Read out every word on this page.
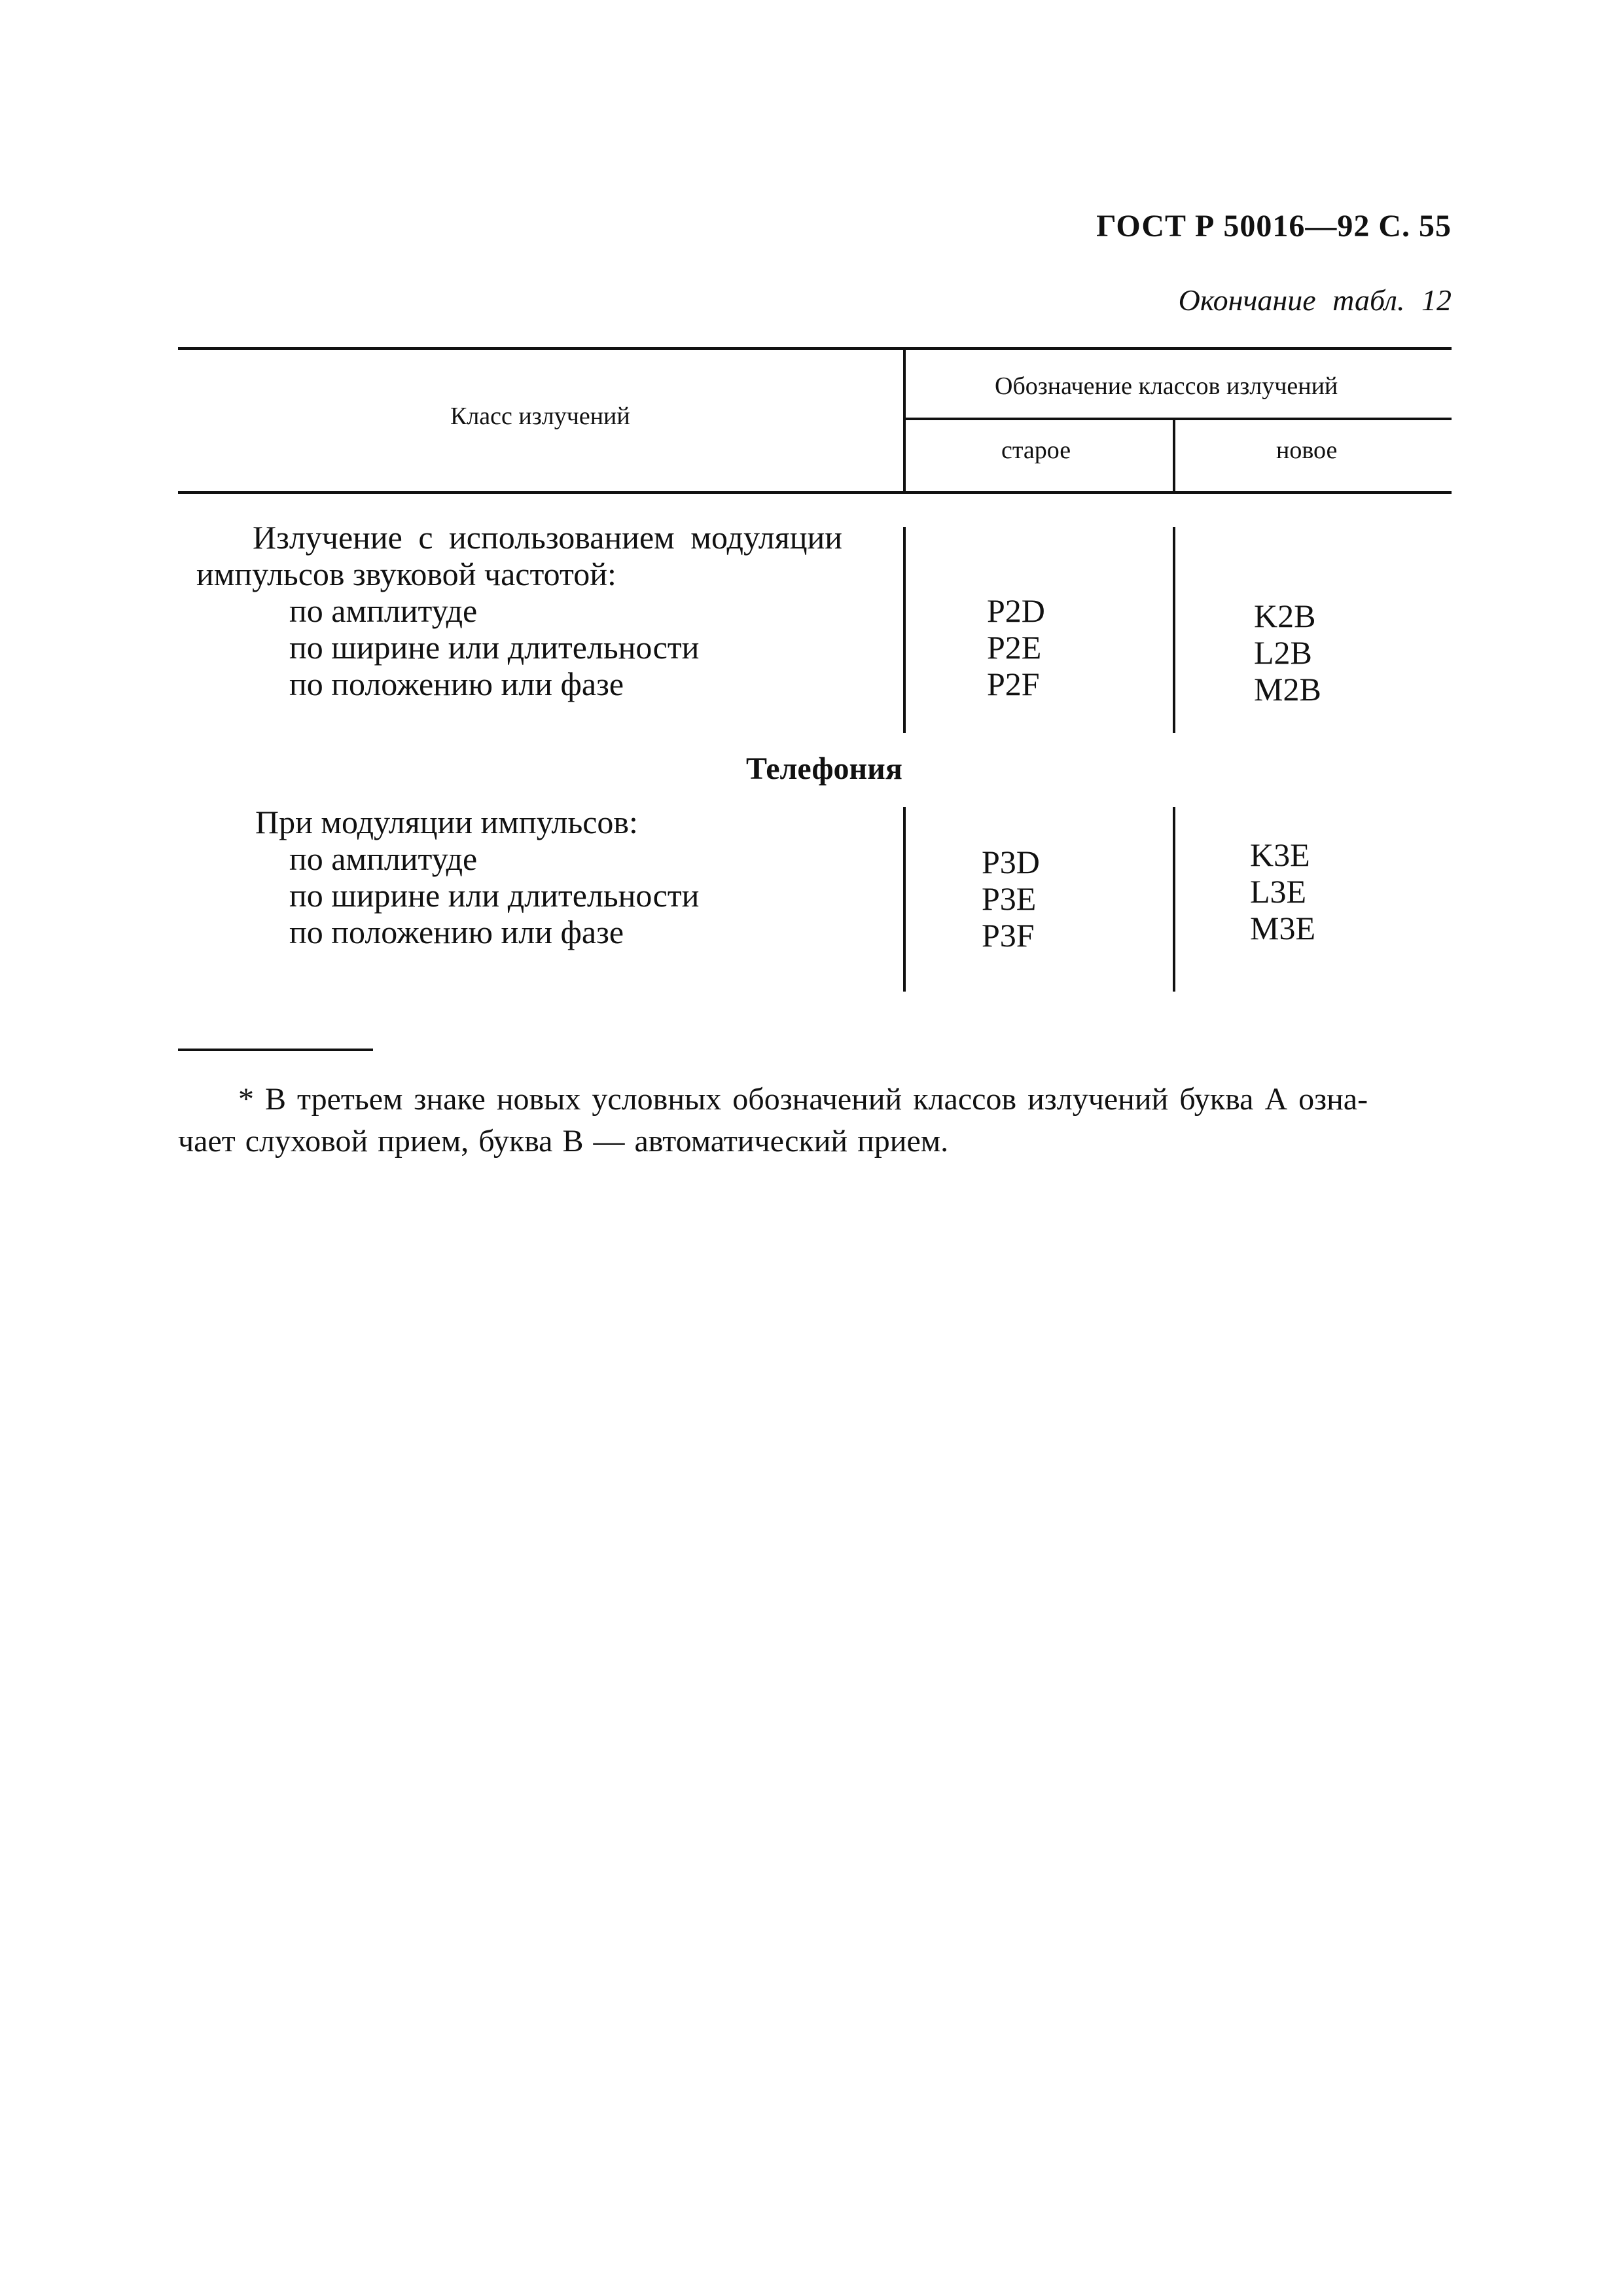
ГОСТ Р 50016—92 С. 55
Окончание табл. 12
Класс излучений
Обозначение классов излучений
старое	новое
Излучение с использованием модуляции
импульсов звуковой частотой:
по амплитуде
по ширине или длительности
по положению или фазе
P2D
P2E
P2F
K2B
L2B
M2B
Телефония
При модуляции импульсов:
по амплитуде
по ширине или длительности
по положению или фазе
P3D
P3E
P3F
K3E
L3E
M3E
* В третьем знаке новых условных обозначений классов излучений буква А озна-
чает слуховой прием, буква В — автоматический прием.
